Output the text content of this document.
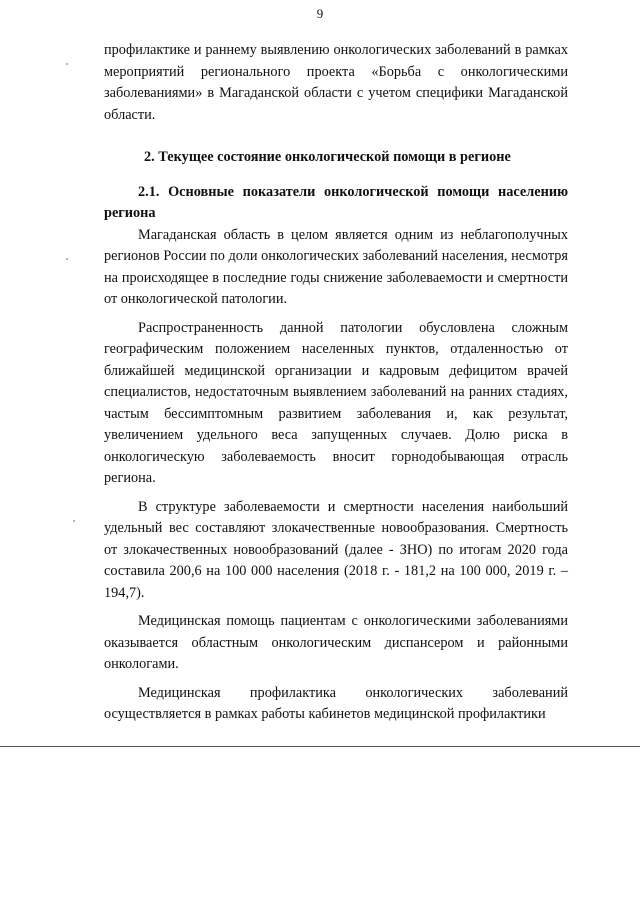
9

профилактике и раннему выявлению онкологических заболеваний в рамках мероприятий регионального проекта «Борьба с онкологическими заболеваниями» в Магаданской области с учетом специфики Магаданской области.

2. Текущее состояние онкологической помощи в регионе
2.1. Основные показатели онкологической помощи населению региона

Магаданская область в целом является одним из неблагополучных регионов России по доли онкологических заболеваний населения, несмотря на происходящее в последние годы снижение заболеваемости и смертности от онкологической патологии.

Распространенность данной патологии обусловлена сложным географическим положением населенных пунктов, отдаленностью от ближайшей медицинской организации и кадровым дефицитом врачей специалистов, недостаточным выявлением заболеваний на ранних стадиях, частым бессимптомным развитием заболевания и, как результат, увеличением удельного веса запущенных случаев. Долю риска в онкологическую заболеваемость вносит горнодобывающая отрасль региона.

В структуре заболеваемости и смертности населения наибольший удельный вес составляют злокачественные новообразования. Смертность от злокачественных новообразований (далее - ЗНО) по итогам 2020 года составила 200,6 на 100 000 населения (2018 г. - 181,2 на 100 000, 2019 г. – 194,7).

Медицинская помощь пациентам с онкологическими заболеваниями оказывается областным онкологическим диспансером и районными онкологами.

Медицинская профилактика онкологических заболеваний осуществляется в рамках работы кабинетов медицинской профилактики
